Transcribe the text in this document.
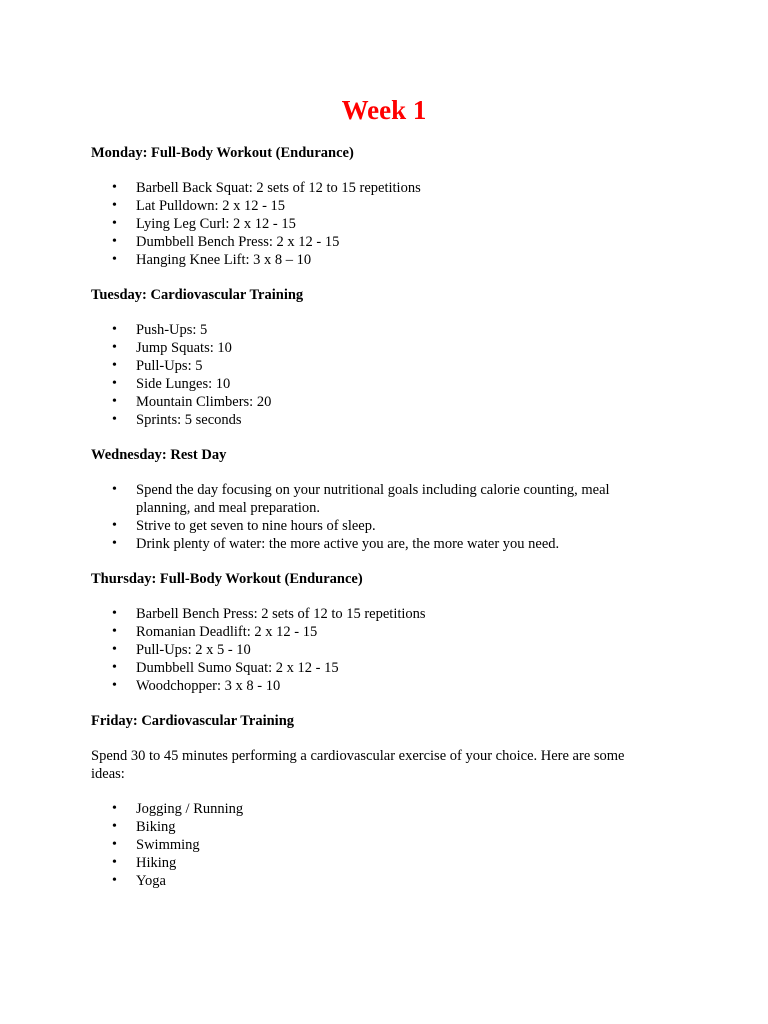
Week 1

Monday: Full-Body Workout (Endurance)

• Barbell Back Squat: 2 sets of 12 to 15 repetitions
• Lat Pulldown: 2 x 12 - 15
• Lying Leg Curl: 2 x 12 - 15
• Dumbbell Bench Press: 2 x 12 - 15
• Hanging Knee Lift: 3 x 8 – 10

Tuesday: Cardiovascular Training

• Push-Ups: 5
• Jump Squats: 10
• Pull-Ups: 5
• Side Lunges: 10
• Mountain Climbers: 20
• Sprints: 5 seconds

Wednesday: Rest Day

• Spend the day focusing on your nutritional goals including calorie counting, meal planning, and meal preparation.
• Strive to get seven to nine hours of sleep.
• Drink plenty of water: the more active you are, the more water you need.

Thursday: Full-Body Workout (Endurance)

• Barbell Bench Press: 2 sets of 12 to 15 repetitions
• Romanian Deadlift: 2 x 12 - 15
• Pull-Ups: 2 x 5 - 10
• Dumbbell Sumo Squat: 2 x 12 - 15
• Woodchopper: 3 x 8 - 10

Friday: Cardiovascular Training

Spend 30 to 45 minutes performing a cardiovascular exercise of your choice. Here are some ideas:

• Jogging / Running
• Biking
• Swimming
• Hiking
• Yoga
